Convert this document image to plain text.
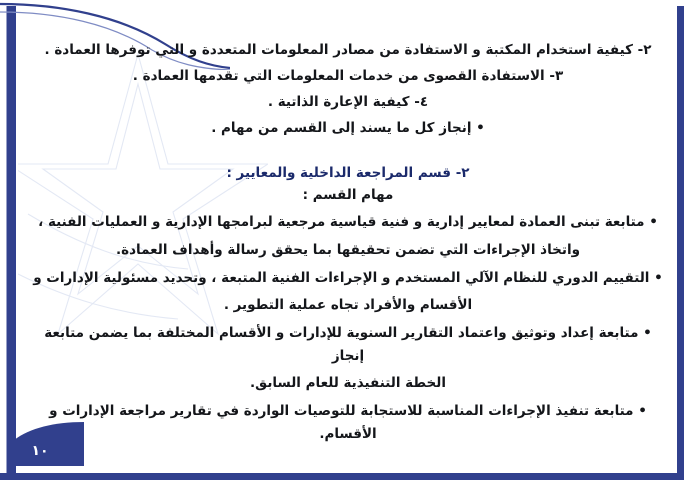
٢- كيفية استخدام المكتبة و الاستفادة من مصادر المعلومات المتعددة و التي توفرها العمادة .

٣- الاستفادة القصوى من خدمات المعلومات التي تقدمها العمادة .

٤- كيفية الإعارة الذاتية .

• إنجاز كل ما يسند إلى القسم من مهام .

٢- قسم المراجعة الداخلية والمعايير :

مهام القسم :

• متابعة تبنى العمادة لمعايير إدارية و فنية قياسية مرجعية لبرامجها الإدارية و العمليات الفنية ،

واتخاذ الإجراءات التي تضمن تحقيقها بما يحقق رسالة وأهداف العمادة.

• التقييم الدوري للنظام الآلي المستخدم و الإجراءات الفنية المتبعة ، وتحديد مسئولية الإدارات و

الأقسام والأفراد تجاه عملية التطوير .

• متابعة إعداد وتوثيق واعتماد التقارير السنوية للإدارات و الأقسام المختلفة بما يضمن متابعة إنجاز

الخطة التنفيذية للعام السابق.

• متابعة تنفيذ الإجراءات المناسبة للاستجابة للتوصيات الواردة في تقارير مراجعة الإدارات و الأقسام.

١٠
